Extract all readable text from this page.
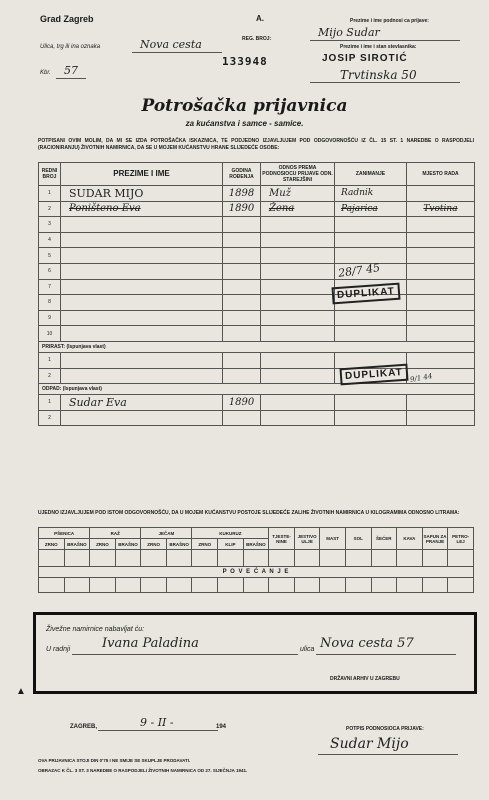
Grad Zagreb	A.
REG. BROJ:
Ulica, trg ili ina oznaka	Nova cesta
Kbr. 57
133948
Prezime i ime podnosi ca prijave:
Mijo Sudar
Prezime i ime i stan stevlasnika:
JOSIP SIROTIĆ
Trvtinska 50
Potrošačka prijavnica
za kućanstva i samce - samice.
POTPISANI OVIM MOLIM, DA MI SE IZDA POTROŠAČKA ISKAZNICA, TE PODJEDNO IZJAVLJUJEM POD ODGOVORNOŠĆU IZ ČL. 15 ST. 1 NAREDBE O RASPODJELI (RACIONIRANJU) ŽIVOTNIH NAMIRNICA, DA SE U MOJEM KUĆANSTVU HRANE SLIJEDEĆE OSOBE:
REDNI BROJ	PREZIME I IME	GODINA ROĐENJA	ODNOS PREMA PODNOSIOCU PRIJAVE ODN. STAREJŠINI	ZANIMANJE	MJESTO RADA
1	SUDAR MIJO	1898	Muž	Radnik	
2	Poništeno Eva	1890	Žena	Pajarica	Tvotina
3					
4					
5					
6					
7					
8					
9					
10					
PRIRAST: (Ispunjava vlast)					
1					
2					
ODPAD: (Ispunjava vlast)					
1	Sudar Eva	1890			
2					
28/7 45
DUPLIKAT
DUPLIKAT 9/1 44
UJEDNO IZJAVLJUJEM POD ISTOM ODGOVORNOŠĆU, DA U MOJEM KUĆANSTVU POSTOJE SLIJEDEĆE ZALIHE ŽIVOTNIH NAMIRNICA U KILOGRAMIMA ODNOSNO LITRAMA:
PŠENICA		RAŽ		JEČAM		KUKURUZ			TJESTE-NINE	JESTIVO ULJE	MAST	SOL	ŠEĆER	KAVA	SAPUN ZA PRANJE	PETRO-LEJ
ZRNO	BRAŠNO	ZRNO	BRAŠNO	ZRNO	BRAŠNO	ZRNO	KLIP	BRAŠNO								

P O V E Ć A N J E																

Živežne namirnice nabavljat ću:
U radnji Ivana Paladina	ulica Nova cesta 57
DRŽAVNI ARHIV U ZAGREBU
ZAGREB,	9 - II -	194	POTPIS PODNOSIOCA PRIJAVE:
Sudar Mijo
OVA PRIJAVNICA STOJI DIN 0'75 I NE SMIJE SE SKUPLJE PRODAVATI.
OBRAZAC K ČL. 3 ST. 3 NAREDBE O RASPODJELI ŽIVOTNIH NAMIRNICA OD 27. SIJEČNJA 1941.
▲
